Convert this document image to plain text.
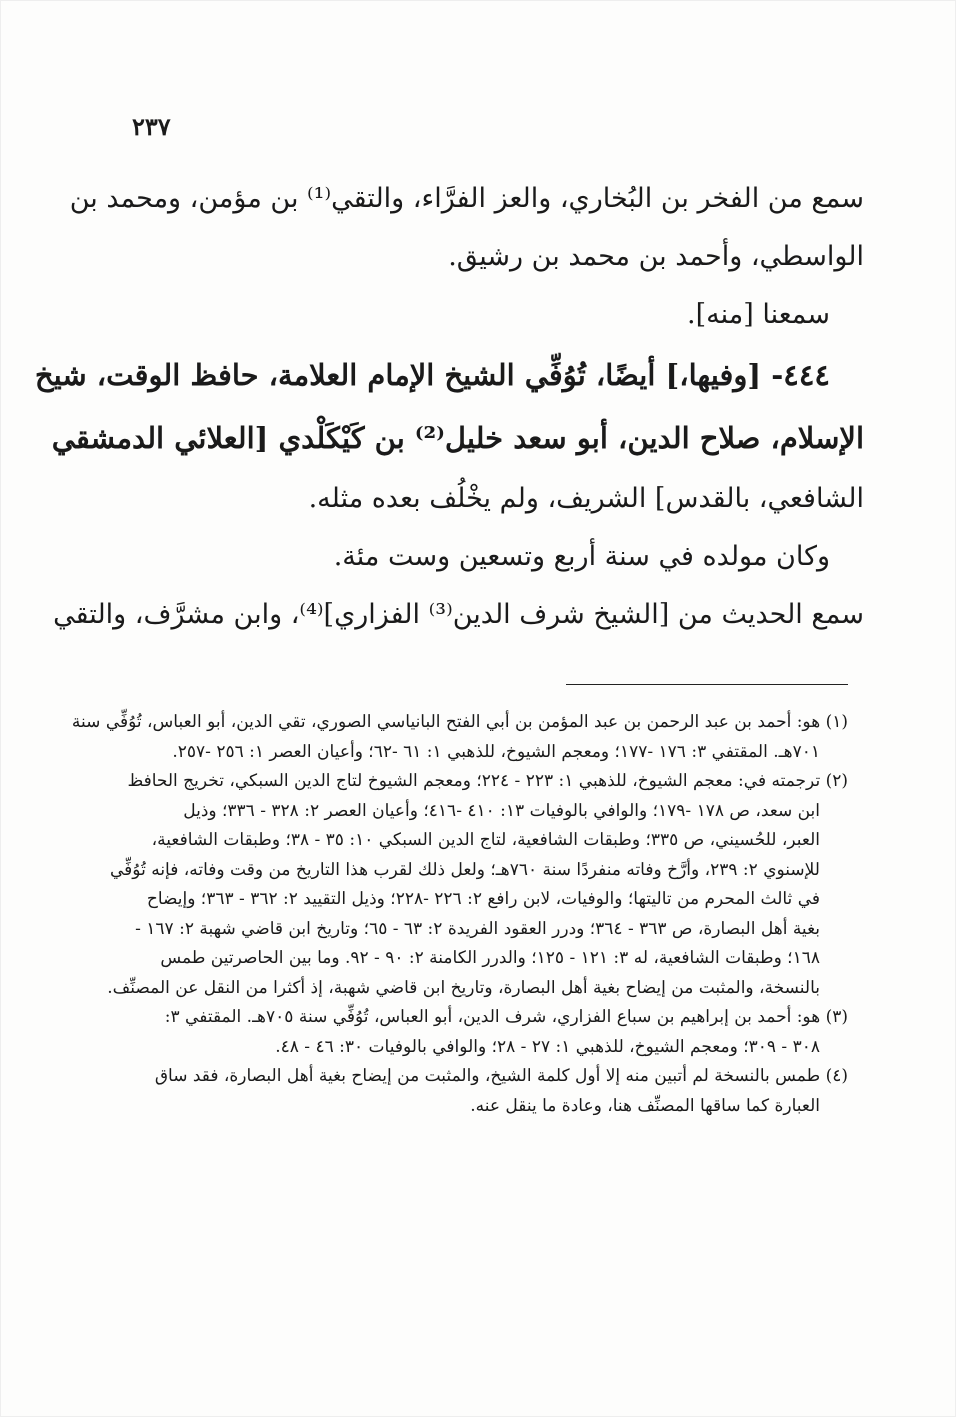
٢٣٧
سمع من الفخر بن البُخاري، والعز الفرَّاء، والتقي⁽¹⁾ بن مؤمن، ومحمد بن
الواسطي، وأحمد بن محمد بن رشيق.
سمعنا [منه].
٤٤٤- [وفيها،] أيضًا، تُوُفِّي الشيخ الإمام العلامة، حافظ الوقت، شيخ
الإسلام، صلاح الدين، أبو سعد خليل⁽²⁾ بن كَيْكَلْدي [العلائي الدمشقي
الشافعي، بالقدس] الشريف، ولم يخْلُف بعده مثله.
وكان مولده في سنة أربع وتسعين وست مئة.
سمع الحديث من [الشيخ شرف الدين⁽³⁾ الفزاري]⁽⁴⁾، وابن مشرَّف، والتقي
(١) هو: أحمد بن عبد الرحمن بن عبد المؤمن بن أبي الفتح البانياسي الصوري، تقي الدين، أبو العباس، تُوُفِّي سنة
٧٠١هـ. المقتفي ٣: ١٧٦ -١٧٧؛ ومعجم الشيوخ، للذهبي ١: ٦١ -٦٢؛ وأعيان العصر ١: ٢٥٦ -٢٥٧.
(٢) ترجمته في: معجم الشيوخ، للذهبي ١: ٢٢٣ - ٢٢٤؛ ومعجم الشيوخ لتاج الدين السبكي، تخريج الحافظ
ابن سعد، ص ١٧٨ -١٧٩؛ والوافي بالوفيات ١٣: ٤١٠ -٤١٦؛ وأعيان العصر ٢: ٣٢٨ - ٣٣٦؛ وذيل
العبر، للحُسيني، ص ٣٣٥؛ وطبقات الشافعية، لتاج الدين السبكي ١٠: ٣٥ - ٣٨؛ وطبقات الشافعية،
للإسنوي ٢: ٢٣٩، وأرَّخ وفاته منفردًا سنة ٧٦٠هـ؛ ولعل ذلك لقرب هذا التاريخ من وقت وفاته، فإنه تُوُفِّي
في ثالث المحرم من تاليتها؛ والوفيات، لابن رافع ٢: ٢٢٦ -٢٢٨؛ وذيل التقييد ٢: ٣٦٢ - ٣٦٣؛ وإيضاح
بغية أهل البصارة، ص ٣٦٣ - ٣٦٤؛ ودرر العقود الفريدة ٢: ٦٣ - ٦٥؛ وتاريخ ابن قاضي شهبة ٢: ١٦٧ -
١٦٨؛ وطبقات الشافعية، له ٣: ١٢١ - ١٢٥؛ والدرر الكامنة ٢: ٩٠ - ٩٢. وما بين الحاصرتين طمس
بالنسخة، والمثبت من إيضاح بغية أهل البصارة، وتاريخ ابن قاضي شهبة، إذ أكثرا من النقل عن المصنِّف.
(٣) هو: أحمد بن إبراهيم بن سباع الفزاري، شرف الدين، أبو العباس، تُوُفِّي سنة ٧٠٥هـ. المقتفي ٣:
٣٠٨ - ٣٠٩؛ ومعجم الشيوخ، للذهبي ١: ٢٧ - ٢٨؛ والوافي بالوفيات ٣٠: ٤٦ - ٤٨.
(٤) طمس بالنسخة لم أتبين منه إلا أول كلمة الشيخ، والمثبت من إيضاح بغية أهل البصارة، فقد ساق
العبارة كما ساقها المصنِّف هنا، وعادة ما ينقل عنه.
